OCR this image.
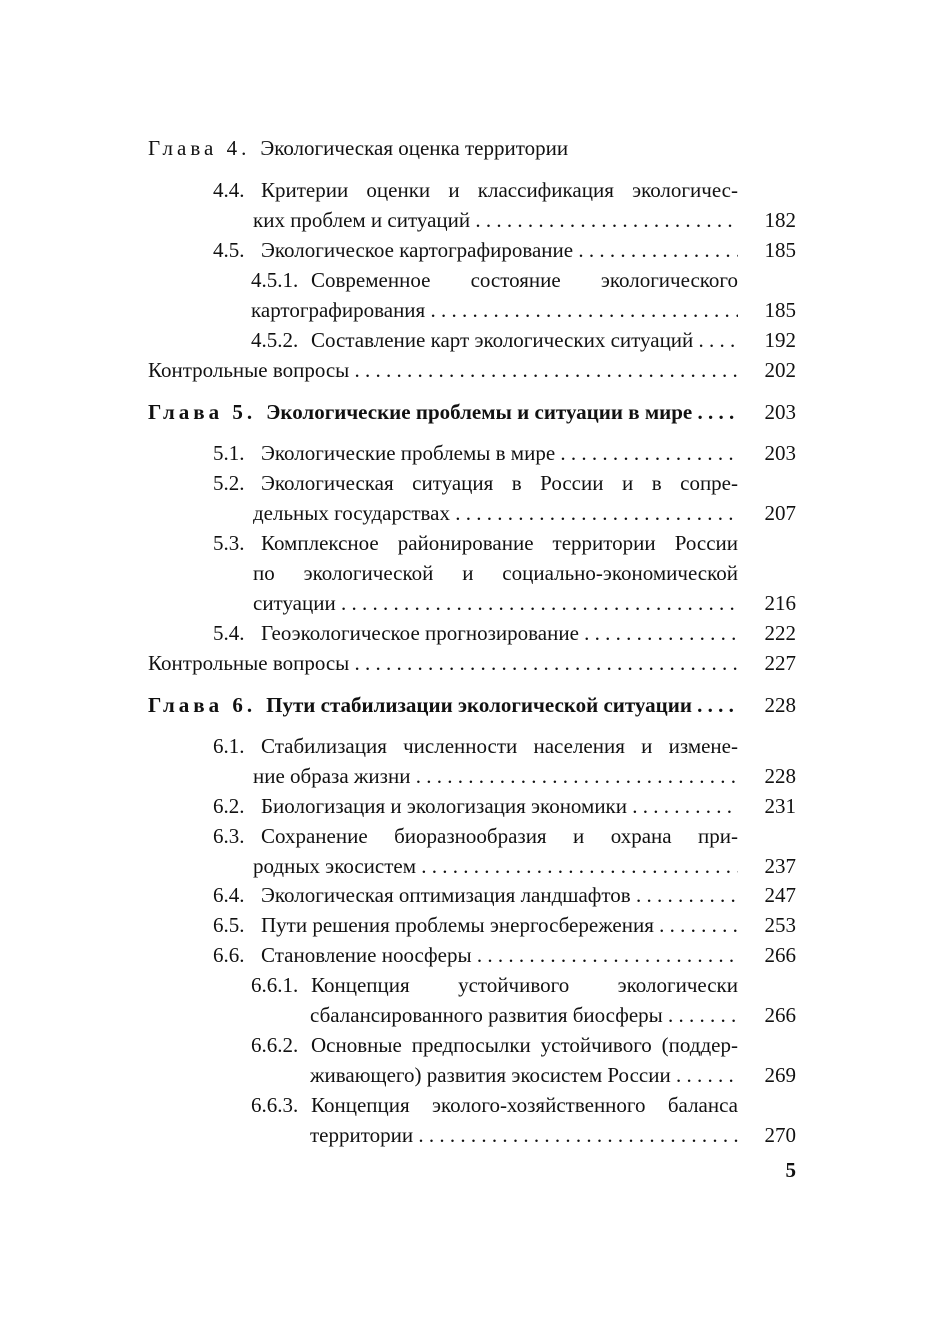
Глава 4. Экологическая оценка территории
4.4. Критерии оценки и классификация экологичес-
ких проблем и ситуаций . . .	182
4.5. Экологическое картографирование . . .	185
4.5.1. Современное состояние экологического
картографирования . . .	185
4.5.2. Составление карт экологических ситуаций . . .	192
Контрольные вопросы . . .	202
Глава 5. Экологические проблемы и ситуации в мире . . .	203
5.1. Экологические проблемы в мире . . .	203
5.2. Экологическая ситуация в России и в сопре-
дельных государствах . . .	207
5.3. Комплексное районирование территории России
по экологической и социально-экономической
ситуации . . .	216
5.4. Геоэкологическое прогнозирование . . .	222
Контрольные вопросы . . .	227
Глава 6. Пути стабилизации экологической ситуации . . .	228
6.1. Стабилизация численности населения и измене-
ние образа жизни . . .	228
6.2. Биологизация и экологизация экономики . . .	231
6.3. Сохранение биоразнообразия и охрана при-
родных экосистем . . .	237
6.4. Экологическая оптимизация ландшафтов . . .	247
6.5. Пути решения проблемы энергосбережения . . .	253
6.6. Становление ноосферы . . .	266
6.6.1. Концепция устойчивого экологически
сбалансированного развития биосферы . . .	266
6.6.2. Основные предпосылки устойчивого (поддер-
живающего) развития экосистем России . . .	269
6.6.3. Концепция эколого-хозяйственного баланса
территории . . .	270
5
